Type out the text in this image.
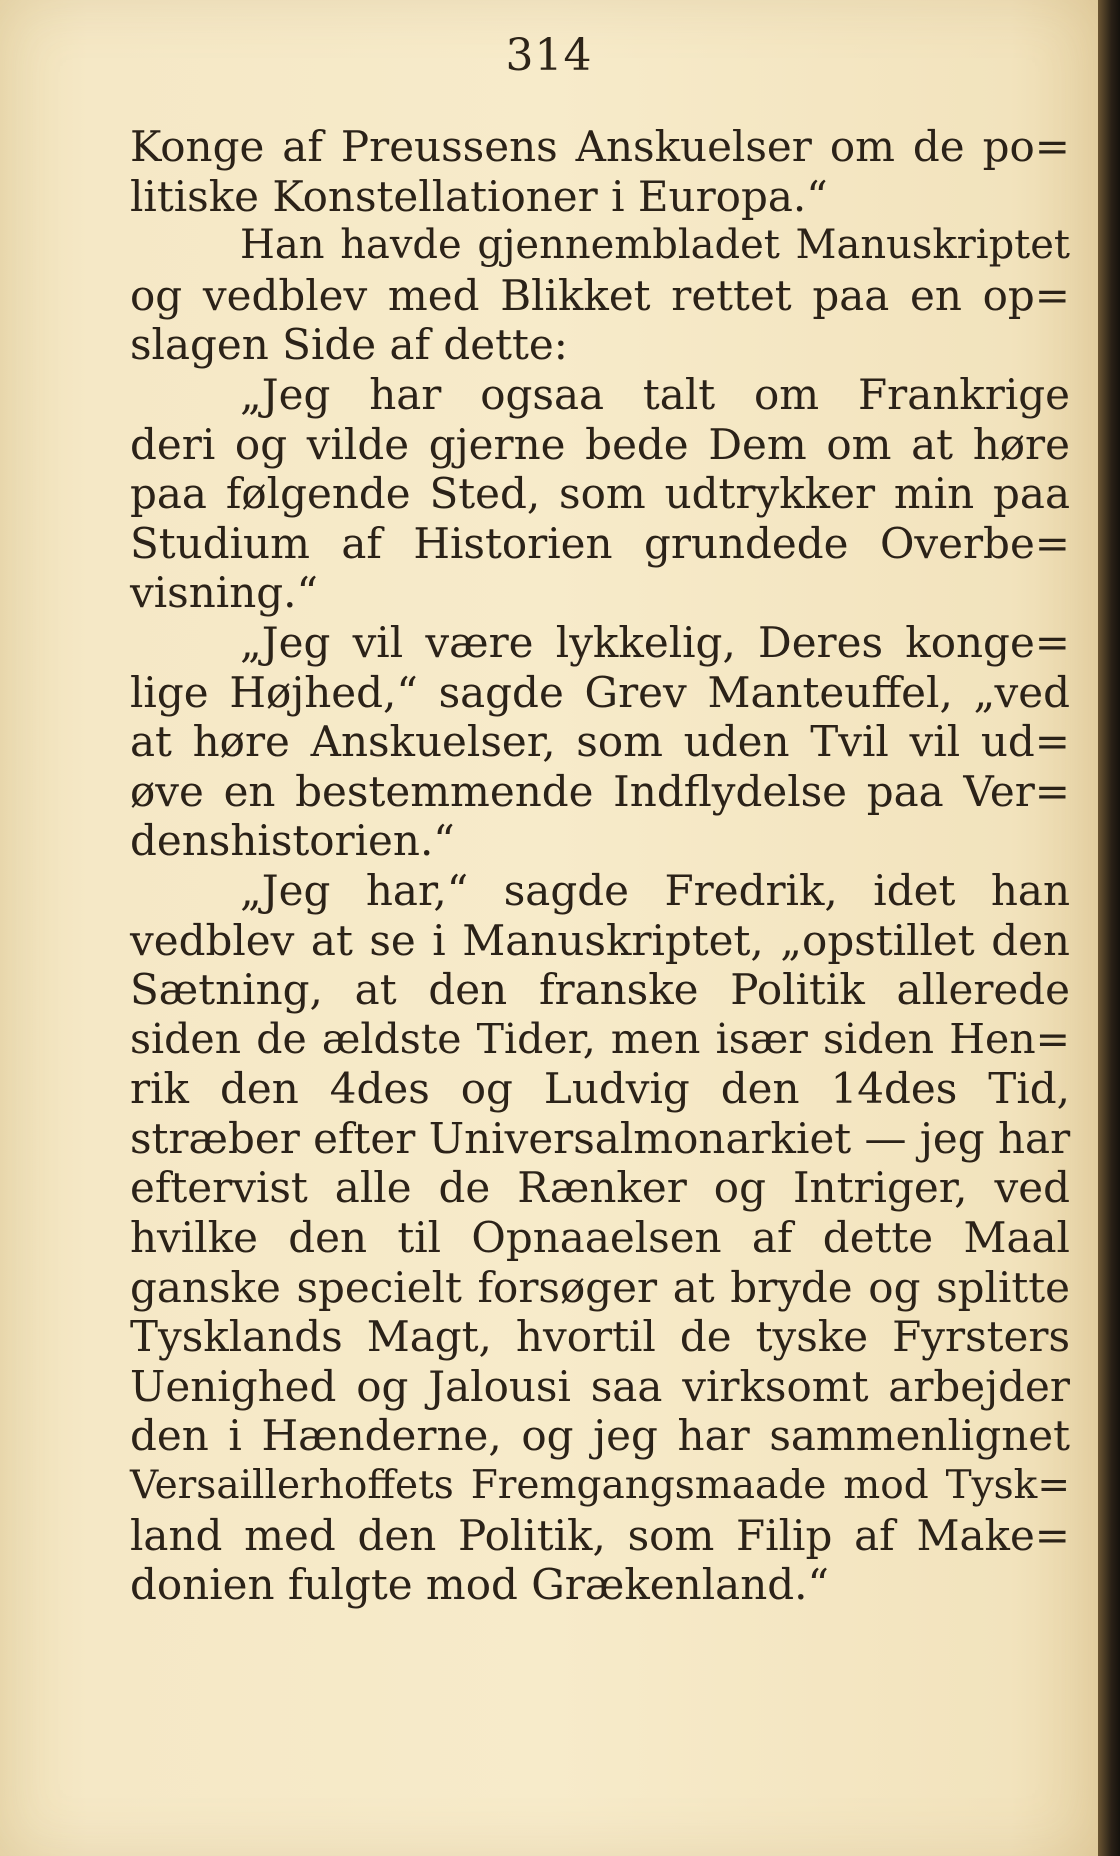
314
Konge af Preussens Anskuelser om de po=
litiske Konstellationer i Europa.“
Han havde gjennembladet Manuskriptet
og vedblev med Blikket rettet paa en op=
slagen Side af dette:
„Jeg har ogsaa talt om Frankrige
deri og vilde gjerne bede Dem om at høre
paa følgende Sted, som udtrykker min paa
Studium af Historien grundede Overbe=
visning.“
„Jeg vil være lykkelig, Deres konge=
lige Højhed,“ sagde Grev Manteuffel, „ved
at høre Anskuelser, som uden Tvil vil ud=
øve en bestemmende Indflydelse paa Ver=
denshistorien.“
„Jeg har,“ sagde Fredrik, idet han
vedblev at se i Manuskriptet, „opstillet den
Sætning, at den franske Politik allerede
siden de ældste Tider, men især siden Hen=
rik den 4des og Ludvig den 14des Tid,
stræber efter Universalmonarkiet — jeg har
eftervist alle de Rænker og Intriger, ved
hvilke den til Opnaaelsen af dette Maal
ganske specielt forsøger at bryde og splitte
Tysklands Magt, hvortil de tyske Fyrsters
Uenighed og Jalousi saa virksomt arbejder
den i Hænderne, og jeg har sammenlignet
Versaillerhoffets Fremgangsmaade mod Tysk=
land med den Politik, som Filip af Make=
donien fulgte mod Grækenland.“
